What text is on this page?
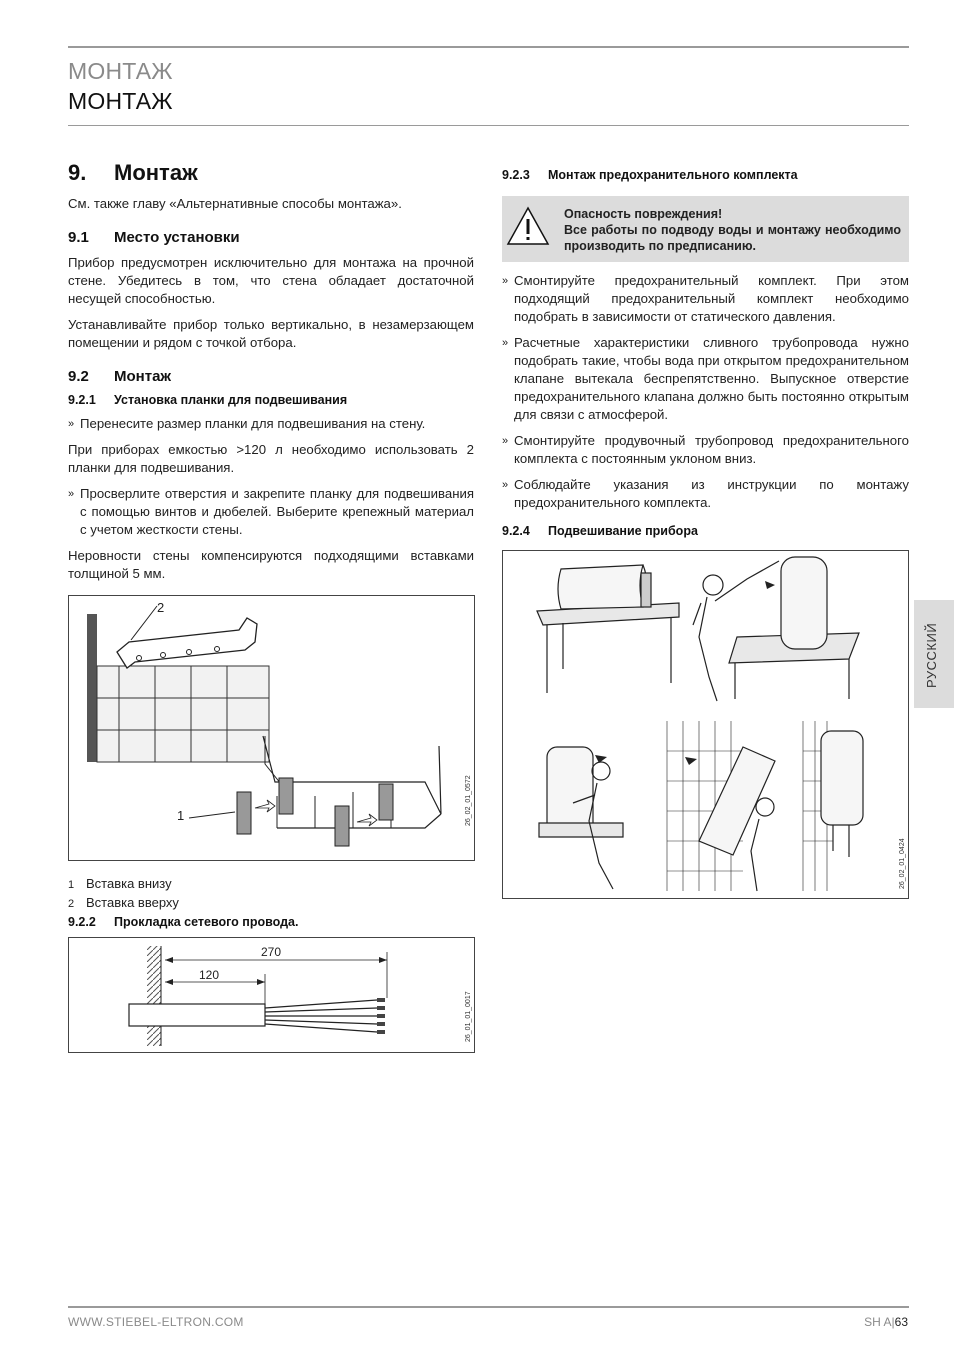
МОНТАЖ
МОНТАЖ
РУССКИЙ
9. Монтаж

См. также главу «Альтернативные способы монтажа».

9.1 Место установки

Прибор предусмотрен исключительно для монтажа на прочной стене. Убедитесь в том, что стена обладает достаточной несущей способностью.

Устанавливайте прибор только вертикально, в незамерзающем помещении и рядом с точкой отбора.

9.2 Монтаж
9.2.1 Установка планки для подвешивания
» Перенесите размер планки для подвешивания на стену.

При приборах емкостью >120 л необходимо использовать 2 планки для подвешивания.

» Просверлите отверстия и закрепите планку для подвешивания с помощью винтов и дюбелей. Выберите крепежный материал с учетом жесткости стены.

Неровности стены компенсируются подходящими вставками толщиной 5 мм.

1
2
26_02_01_0572
1 Вставка внизу
2 Вставка вверху
9.2.2 Прокладка сетевого провода.
270
120
26_01_01_0017
9.2.3 Монтаж предохранительного комплекта
Опасность повреждения!
Все работы по подводу воды и монтажу необходимо производить по предписанию.
» Смонтируйте предохранительный комплект. При этом подходящий предохранительный комплект необходимо подобрать в зависимости от статического давления.
» Расчетные характеристики сливного трубопровода нужно подобрать такие, чтобы вода при открытом предохранительном клапане вытекала беспрепятственно. Выпускное отверстие предохранительного клапана должно быть постоянно открытым для связи с атмосферой.
» Смонтируйте продувочный трубопровод предохранительного комплекта с постоянным уклоном вниз.
» Соблюдайте указания из инструкции по монтажу предохранительного комплекта.
9.2.4 Подвешивание прибора
26_02_01_0424
WWW.STIEBEL-ELTRON.COM	SH A|63
